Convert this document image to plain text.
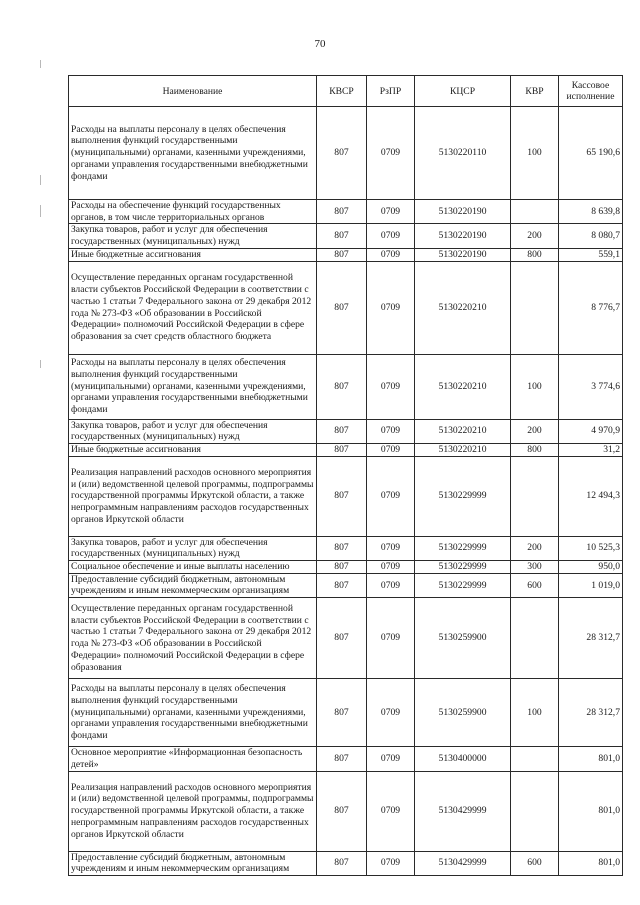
70
Наименование	КВСР	РзПР	КЦСР	КВР	Кассовое исполнение
Расходы на выплаты персоналу в целях обеспечения выполнения функций государственными (муниципальными) органами, казенными учреждениями, органами управления государственными внебюджетными фондами	807	0709	5130220110	100	65 190,6
Расходы на обеспечение функций государственных органов, в том числе территориальных органов	807	0709	5130220190		8 639,8
Закупка товаров, работ и услуг для обеспечения государственных (муниципальных) нужд	807	0709	5130220190	200	8 080,7
Иные бюджетные ассигнования	807	0709	5130220190	800	559,1
Осуществление переданных органам государственной власти субъектов Российской Федерации в соответствии с частью 1 статьи 7 Федерального закона от 29 декабря 2012 года № 273-ФЗ «Об образовании в Российской Федерации» полномочий Российской Федерации в сфере образования за счет средств областного бюджета	807	0709	5130220210		8 776,7
Расходы на выплаты персоналу в целях обеспечения выполнения функций государственными (муниципальными) органами, казенными учреждениями, органами управления государственными внебюджетными фондами	807	0709	5130220210	100	3 774,6
Закупка товаров, работ и услуг для обеспечения государственных (муниципальных) нужд	807	0709	5130220210	200	4 970,9
Иные бюджетные ассигнования	807	0709	5130220210	800	31,2
Реализация направлений расходов основного мероприятия и (или) ведомственной целевой программы, подпрограммы государственной программы Иркутской области, а также непрограммным направлениям расходов государственных органов Иркутской области	807	0709	5130229999		12 494,3
Закупка товаров, работ и услуг для обеспечения государственных (муниципальных) нужд	807	0709	5130229999	200	10 525,3
Социальное обеспечение и иные выплаты населению	807	0709	5130229999	300	950,0
Предоставление субсидий бюджетным, автономным учреждениям и иным некоммерческим организациям	807	0709	5130229999	600	1 019,0
Осуществление переданных органам государственной власти субъектов Российской Федерации в соответствии с частью 1 статьи 7 Федерального закона от 29 декабря 2012 года № 273-ФЗ «Об образовании в Российской Федерации» полномочий Российской Федерации в сфере образования	807	0709	5130259900		28 312,7
Расходы на выплаты персоналу в целях обеспечения выполнения функций государственными (муниципальными) органами, казенными учреждениями, органами управления государственными внебюджетными фондами	807	0709	5130259900	100	28 312,7
Основное мероприятие «Информационная безопасность детей»	807	0709	5130400000		801,0
Реализация направлений расходов основного мероприятия и (или) ведомственной целевой программы, подпрограммы государственной программы Иркутской области, а также непрограммным направлениям расходов государственных органов Иркутской области	807	0709	5130429999		801,0
Предоставление субсидий бюджетным, автономным учреждениям и иным некоммерческим организациям	807	0709	5130429999	600	801,0
